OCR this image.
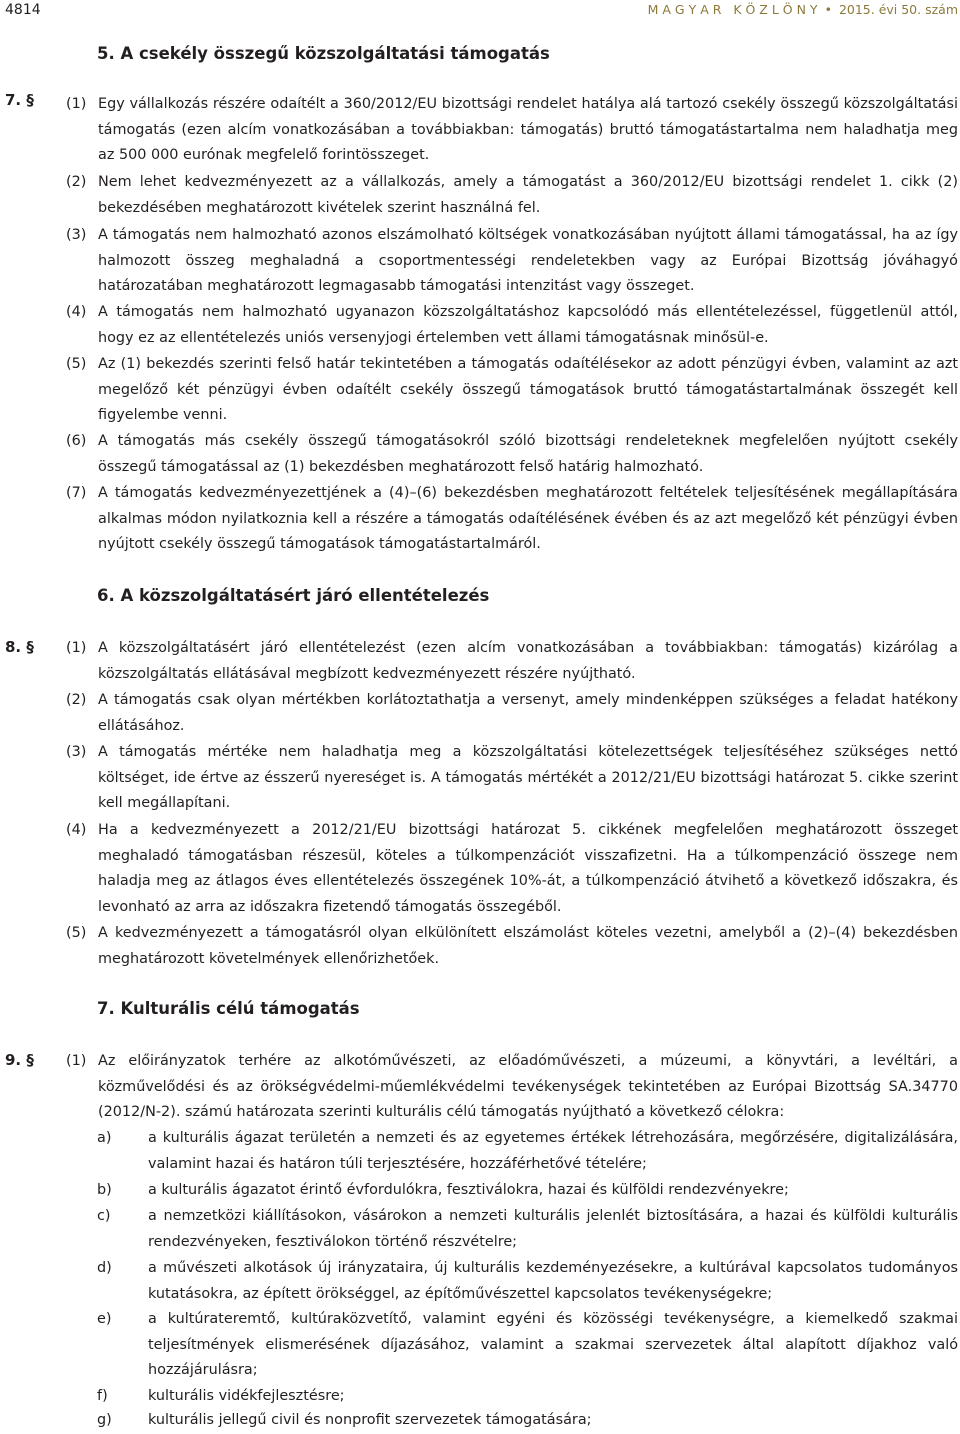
4814	M A G Y A R   K Ö Z L Ö N Y • 2015. évi 50. szám
5. A csekély összegű közszolgáltatási támogatás
7. § (1) Egy vállalkozás részére odaítélt a 360/2012/EU bizottsági rendelet hatálya alá tartozó csekély összegű közszolgáltatási támogatás (ezen alcím vonatkozásában a továbbiakban: támogatás) bruttó támogatástartalma nem haladhatja meg az 500 000 eurónak megfelelő forintösszeget.
(2) Nem lehet kedvezményezett az a vállalkozás, amely a támogatást a 360/2012/EU bizottsági rendelet 1. cikk (2) bekezdésében meghatározott kivételek szerint használná fel.
(3) A támogatás nem halmozható azonos elszámolható költségek vonatkozásában nyújtott állami támogatással, ha az így halmozott összeg meghaladná a csoportmentességi rendeletekben vagy az Európai Bizottság jóváhagyó határozatában meghatározott legmagasabb támogatási intenzitást vagy összeget.
(4) A támogatás nem halmozható ugyanazon közszolgáltatáshoz kapcsolódó más ellentételezéssel, függetlenül attól, hogy ez az ellentételezés uniós versenyjogi értelemben vett állami támogatásnak minősül-e.
(5) Az (1) bekezdés szerinti felső határ tekintetében a támogatás odaítélésekor az adott pénzügyi évben, valamint az azt megelőző két pénzügyi évben odaítélt csekély összegű támogatások bruttó támogatástartalmának összegét kell figyelembe venni.
(6) A támogatás más csekély összegű támogatásokról szóló bizottsági rendeleteknek megfelelően nyújtott csekély összegű támogatással az (1) bekezdésben meghatározott felső határig halmozható.
(7) A támogatás kedvezményezettjének a (4)–(6) bekezdésben meghatározott feltételek teljesítésének megállapítására alkalmas módon nyilatkoznia kell a részére a támogatás odaítélésének évében és az azt megelőző két pénzügyi évben nyújtott csekély összegű támogatások támogatástartalmáról.
6. A közszolgáltatásért járó ellentételezés
8. § (1) A közszolgáltatásért járó ellentételezést (ezen alcím vonatkozásában a továbbiakban: támogatás) kizárólag a közszolgáltatás ellátásával megbízott kedvezményezett részére nyújtható.
(2) A támogatás csak olyan mértékben korlátoztathatja a versenyt, amely mindenképpen szükséges a feladat hatékony ellátásához.
(3) A támogatás mértéke nem haladhatja meg a közszolgáltatási kötelezettségek teljesítéséhez szükséges nettó költséget, ide értve az ésszerű nyereséget is. A támogatás mértékét a 2012/21/EU bizottsági határozat 5. cikke szerint kell megállapítani.
(4) Ha a kedvezményezett a 2012/21/EU bizottsági határozat 5. cikkének megfelelően meghatározott összeget meghaladó támogatásban részesül, köteles a túlkompenzációt visszafizetni. Ha a túlkompenzáció összege nem haladja meg az átlagos éves ellentételezés összegének 10%-át, a túlkompenzáció átvihető a következő időszakra, és levonható az arra az időszakra fizetendő támogatás összegéből.
(5) A kedvezményezett a támogatásról olyan elkülönített elszámolást köteles vezetni, amelyből a (2)–(4) bekezdésben meghatározott követelmények ellenőrizhetőek.
7. Kulturális célú támogatás
9. § (1) Az előirányzatok terhére az alkotóművészeti, az előadóművészeti, a múzeumi, a könyvtári, a levéltári, a közművelődési és az örökségvédelmi-műemlékvédelmi tevékenységek tekintetében az Európai Bizottság SA.34770 (2012/N-2). számú határozata szerinti kulturális célú támogatás nyújtható a következő célokra:
a)	a kulturális ágazat területén a nemzeti és az egyetemes értékek létrehozására, megőrzésére, digitalizálására, valamint hazai és határon túli terjesztésére, hozzáférhetővé tételére;
b)	a kulturális ágazatot érintő évfordulókra, fesztiválokra, hazai és külföldi rendezvényekre;
c)	a nemzetközi kiállításokon, vásárokon a nemzeti kulturális jelenlét biztosítására, a hazai és külföldi kulturális rendezvényeken, fesztiválokon történő részvételre;
d)	a művészeti alkotások új irányzataira, új kulturális kezdeményezésekre, a kultúrával kapcsolatos tudományos kutatásokra, az épített örökséggel, az építőművészettel kapcsolatos tevékenységekre;
e)	a kultúrateremtő, kultúraközvetítő, valamint egyéni és közösségi tevékenységre, a kiemelkedő szakmai teljesítmények elismerésének díjazásához, valamint a szakmai szervezetek által alapított díjakhoz való hozzájárulásra;
f)	kulturális vidékfejlesztésre;
g)	kulturális jellegű civil és nonprofit szervezetek támogatására;
